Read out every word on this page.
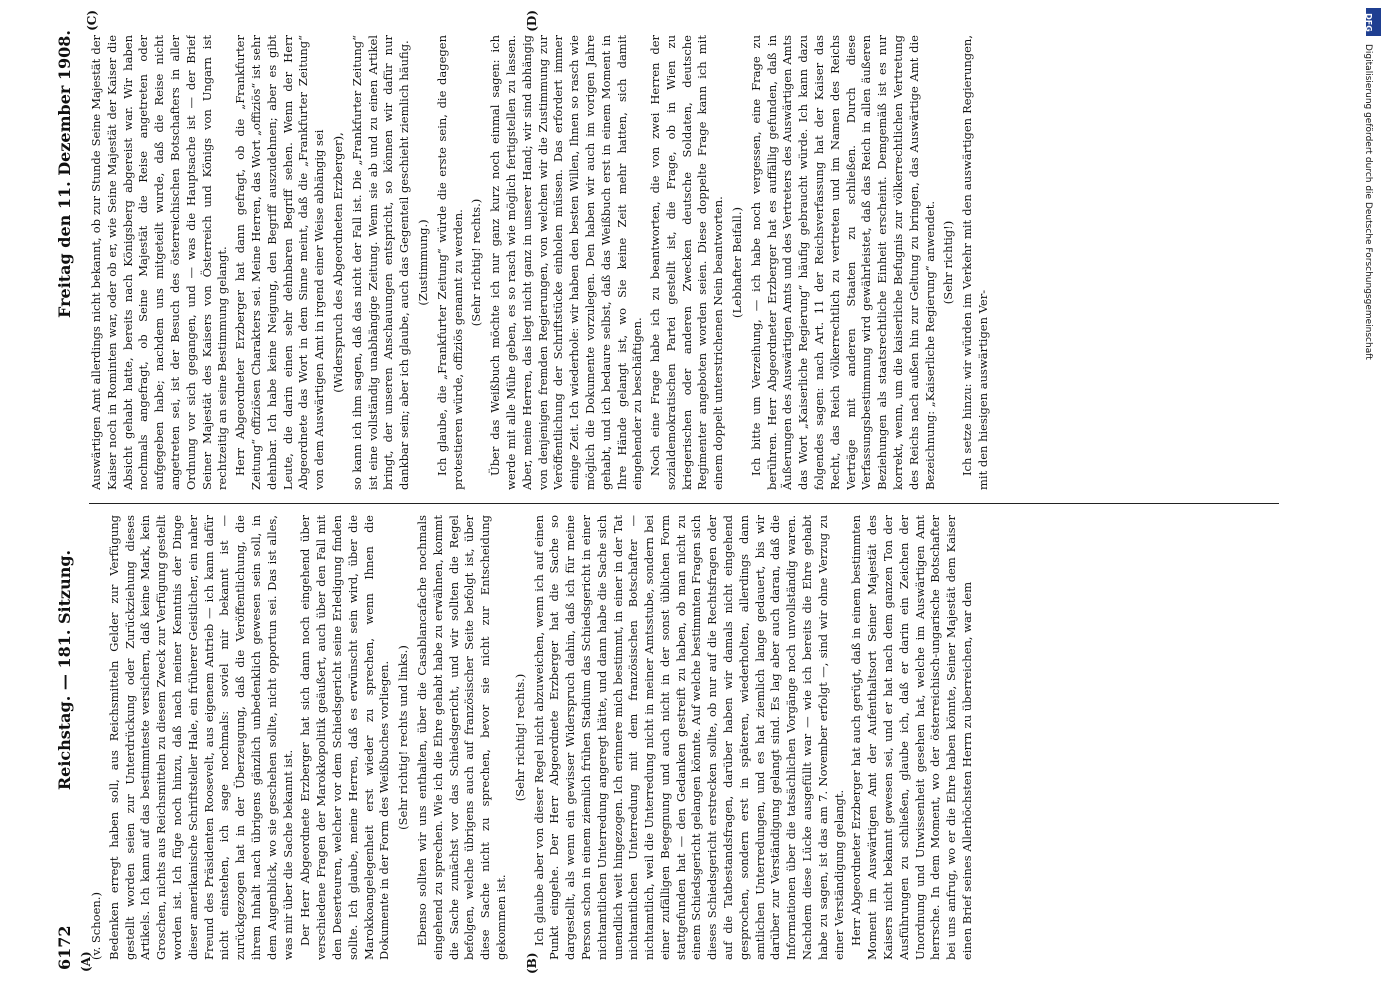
6172
Reichstag. — 181. Sitzung.
Freitag den 11. Dezember 1908.
(A)	(B)
(C)	(D)

(v. Schoen.) Bedenken erregt haben soll, aus Reichsmitteln Gelder zur Verfügung gestellt worden seien zur Unterdrückung oder Zurückziehung dieses Artikels. Ich kann auf das bestimmteste versichern, daß keine Mark, kein Groschen, nichts aus Reichsmitteln zu diesem Zweck zur Verfügung gestellt worden ist. Ich füge noch hinzu, daß nach meiner Kenntnis der Dinge dieser amerikanische Schriftsteller Hale, ein früherer Geistlicher, ein naher Freund des Präsidenten Roosevelt, aus eigenem Antrieb — ich kann dafür nicht einstehen, ich sage nochmals: soviel mir bekannt ist — zurückgezogen hat in der Überzeugung, daß die Veröffentlichung, die ihrem Inhalt nach übrigens gänzlich unbedenklich gewesen sein soll, in dem Augenblick, wo sie geschehen sollte, nicht opportun sei. Das ist alles, was mir über die Sache bekannt ist. Der Herr Abgeordnete Erzberger hat sich dann noch eingehend über verschiedene Fragen der Marokkopolitik geäußert, auch über den Fall mit den Deserteuren, welcher vor dem Schiedsgericht seine Erledigung finden sollte. Ich glaube, meine Herren, daß es erwünscht sein wird, über die Marokkoangelegenheit erst wieder zu sprechen, wenn Ihnen die Dokumente in der Form des Weißbuches vorliegen. (Sehr richtig! rechts und links.) Ebenso sollten wir uns enthalten, über die Casablancafache nochmals eingehend zu sprechen. Wie ich die Ehre gehabt habe zu erwähnen, kommt die Sache zunächst vor das Schiedsgericht, und wir sollten die Regel befolgen, welche übrigens auch auf französischer Seite befolgt ist, über diese Sache nicht zu sprechen, bevor sie nicht zur Entscheidung gekommen ist.

(Sehr richtig! rechts.) Ich glaube aber von dieser Regel nicht abzuweichen, wenn ich auf einen Punkt eingehe. Der Herr Abgeordnete Erzberger hat die Sache so dargestellt, als wenn ein gewisser Widerspruch dahin, daß ich für meine Person schon in einem ziemlich frühen Stadium das Schiedsgericht in einer nichtamtlichen Unterredung angeregt hätte, und dann habe die Sache sich unendlich weit hingezogen. Ich erinnere mich bestimmt, in einer in der Tat nichtamtlichen Unterredung mit dem französischen Botschafter — nichtamtlich, weil die Unterredung nicht in meiner Amtsstube, sondern bei einer zufälligen Begegnung und auch nicht in der sonst üblichen Form stattgefunden hat — den Gedanken gestreift zu haben, ob man nicht zu einem Schiedsgericht gelangen könnte. Auf welche bestimmten Fragen sich dieses Schiedsgericht erstrecken sollte, ob nur auf die Rechtsfragen oder auf die Tatbestandsfragen, darüber haben wir damals nicht eingehend gesprochen, sondern erst in späteren, wiederholten, allerdings dann amtlichen Unterredungen, und es hat ziemlich lange gedauert, bis wir darüber zur Verständigung gelangt sind. Es lag aber auch daran, daß die Informationen über die tatsächlichen Vorgänge noch unvollständig waren. Nachdem diese Lücke ausgefüllt war — wie ich bereits die Ehre gehabt habe zu sagen, ist das am 7. November erfolgt —, sind wir ohne Verzug zu einer Verständigung gelangt. Herr Abgeordneter Erzberger hat auch gerügt, daß in einem bestimmten Moment im Auswärtigen Amt der Aufenthaltsort Seiner Majestät des Kaisers nicht bekannt gewesen sei, und er hat nach dem ganzen Ton der Ausführungen zu schließen, glaube ich, daß er darin ein Zeichen der Unordnung und Unwissenheit gesehen hat, welche im Auswärtigen Amt herrsche. In dem Moment, wo der österreichisch-ungarische Botschafter bei uns anfrug, wo er die Ehre haben könnte, Seiner Majestät dem Kaiser einen Brief seines Allerhöchsten Herrn zu überreichen, war dem

Auswärtigen Amt allerdings nicht bekannt, ob zur Stunde Seine Majestät der Kaiser noch in Rominten war, oder ob er, wie Seine Majestät der Kaiser die Absicht gehabt hatte, bereits nach Königsberg abgereist war. Wir haben nochmals angefragt, ob Seine Majestät die Reise angetreten oder aufgegeben habe; nachdem uns mitgeteilt wurde, daß die Reise nicht angetreten sei, ist der Besuch des österreichischen Botschafters in aller Ordnung vor sich gegangen, und — was die Hauptsache ist — der Brief Seiner Majestät des Kaisers von Österreich und Königs von Ungarn ist rechtzeitig an seine Bestimmung gelangt. Herr Abgeordneter Erzberger hat dann gefragt, ob die „Frankfurter Zeitung“ offiziösen Charakters sei. Meine Herren, das Wort „offiziös“ ist sehr dehnbar. Ich habe keine Neigung, den Begriff auszudehnen; aber es gibt Leute, die darin einen sehr dehnbaren Begriff sehen. Wenn der Herr Abgeordnete das Wort in dem Sinne meint, daß die „Frankfurter Zeitung“ von dem Auswärtigen Amt in irgend einer Weise abhängig sei (Widerspruch des Abgeordneten Erzberger), so kann ich ihm sagen, daß das nicht der Fall ist. Die „Frankfurter Zeitung“ ist eine vollständig unabhängige Zeitung. Wenn sie ab und zu einen Artikel bringt, der unseren Anschauungen entspricht, so können wir dafür nur dankbar sein; aber ich glaube, auch das Gegenteil geschieht ziemlich häufig. (Zustimmung.) Ich glaube, die „Frankfurter Zeitung“ würde die erste sein, die dagegen protestieren würde, offiziös genannt zu werden. (Sehr richtig! rechts.) Über das Weißbuch möchte ich nur ganz kurz noch einmal sagen: ich werde mit alle Mühe geben, es so rasch wie möglich fertigstellen zu lassen. Aber, meine Herren, das liegt nicht ganz in unserer Hand; wir sind abhängig von denjenigen fremden Regierungen, von welchen wir die Zustimmung zur Veröffentlichung der Schriftstücke einholen müssen. Das erfordert immer einige Zeit. Ich wiederhole: wir haben den besten Willen, Ihnen so rasch wie möglich die Dokumente vorzulegen. Den haben wir auch im vorigen Jahre gehabt, und ich bedaure selbst, daß das Weißbuch erst in einem Moment in Ihre Hände gelangt ist, wo Sie keine Zeit mehr hatten, sich damit eingehender zu beschäftigen. Noch eine Frage habe ich zu beantworten, die von zwei Herren der sozialdemokratischen Partei gestellt ist, die Frage, ob in Wien zu kriegerischen oder anderen Zwecken deutsche Soldaten, deutsche Regimenter angeboten worden seien. Diese doppelte Frage kann ich mit einem doppelt unterstrichenen Nein beantworten. (Lebhafter Beifall.) Ich bitte um Verzeihung, — ich habe noch vergessen, eine Frage zu berühren. Herr Abgeordneter Erzberger hat es auffällig gefunden, daß in Äußerungen des Auswärtigen Amts und des Vertreters des Auswärtigen Amts das Wort „Kaiserliche Regierung“ häufig gebraucht würde. Ich kann dazu folgendes sagen: nach Art. 11 der Reichsverfassung hat der Kaiser das Recht, das Reich völkerrechtlich zu vertreten und im Namen des Reichs Verträge mit anderen Staaten zu schließen. Durch diese Verfassungsbestimmung wird gewährleistet, daß das Reich in allen äußeren Beziehungen als staatsrechtliche Einheit erscheint. Demgemäß ist es nur korrekt, wenn, um die kaiserliche Befugnis zur völkerrechtlichen Vertretung des Reichs nach außen hin zur Geltung zu bringen, das Auswärtige Amt die Bezeichnung: „Kaiserliche Regierung“ anwendet. (Sehr richtig!) Ich setze hinzu: wir würden im Verkehr mit den auswärtigen Regierungen, mit den hiesigen auswärtigen Ver-

DFG
Digitalisierung gefördert durch die Deutsche Forschungsgemeinschaft
